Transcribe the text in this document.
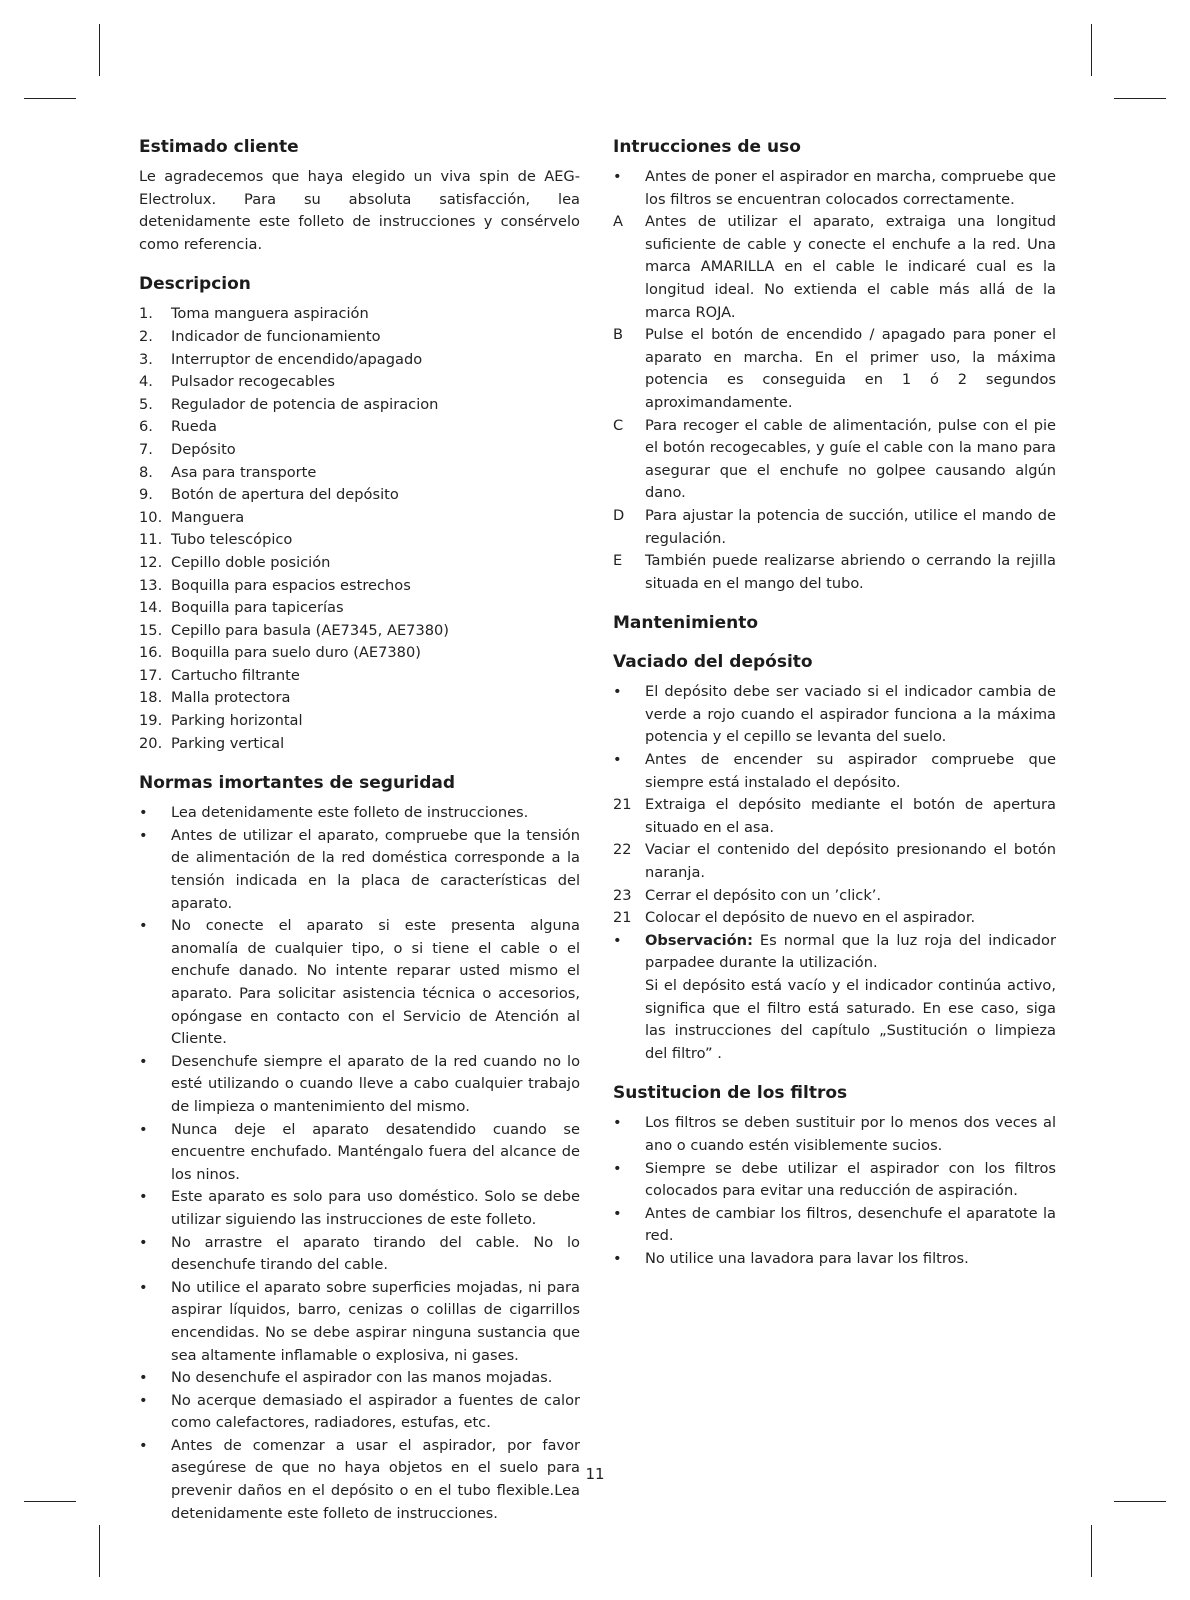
Estimado cliente

Le agradecemos que haya elegido un viva spin de AEG-Electrolux. Para su absoluta satisfacción, lea detenidamente este folleto de instrucciones y consérvelo como referencia.

Descripcion
1.	Toma manguera aspiración
2.	Indicador de funcionamiento
3.	Interruptor de encendido/apagado
4.	Pulsador recogecables
5.	Regulador de potencia de aspiracion
6.	Rueda
7.	Depósito
8.	Asa para transporte
9.	Botón de apertura del depósito
10. Manguera
11. Tubo telescópico
12. Cepillo doble posición
13. Boquilla para espacios estrechos
14. Boquilla para tapicerías
15. Cepillo para basula (AE7345, AE7380)
16. Boquilla para suelo duro (AE7380)
17. Cartucho filtrante
18. Malla protectora
19. Parking horizontal
20. Parking vertical
Normas imortantes de seguridad
•	Lea detenidamente este folleto de instrucciones.
•	Antes de utilizar el aparato, compruebe que la tensión de alimentación de la red doméstica corresponde a la tensión indicada en la placa de características del aparato.
•	No conecte el aparato si este presenta alguna anomalía de cualquier tipo, o si tiene el cable o el enchufe danado. No intente reparar usted mismo el aparato. Para solicitar asistencia técnica o accesorios, opóngase en contacto con el Servicio de Atención al Cliente.
•	Desenchufe siempre el aparato de la red cuando no lo esté utilizando o cuando lleve a cabo cualquier trabajo de limpieza o mantenimiento del mismo.
•	Nunca deje el aparato desatendido cuando se encuentre enchufado. Manténgalo fuera del alcance de los ninos.
•	Este aparato es solo para uso doméstico. Solo se debe utilizar siguiendo las instrucciones de este folleto.
•	No arrastre el aparato tirando del cable. No lo desenchufe tirando del cable.
•	No utilice el aparato sobre superficies mojadas, ni para aspirar líquidos, barro, cenizas o colillas de cigarrillos encendidas. No se debe aspirar ninguna sustancia que sea altamente inflamable o explosiva, ni gases.
•	No desenchufe el aspirador con las manos mojadas.
•	No acerque demasiado el aspirador a fuentes de calor como calefactores, radiadores, estufas, etc.
•	Antes de comenzar a usar el aspirador, por favor asegúrese de que no haya objetos en el suelo para prevenir daños en el depósito o en el tubo flexible.Lea detenidamente este folleto de instrucciones.
Intrucciones de uso
•	Antes de poner el aspirador en marcha, compruebe que los filtros se encuentran colocados correctamente.
A	Antes de utilizar el aparato, extraiga una longitud suficiente de cable y conecte el enchufe a la red. Una marca AMARILLA en el cable le indicaré cual es la longitud ideal. No extienda el cable más allá de la marca ROJA.
B	Pulse el botón de encendido / apagado para poner el aparato en marcha. En el primer uso, la máxima potencia es conseguida en 1 ó 2 segundos aproximandamente.
C	Para recoger el cable de alimentación, pulse con el pie el botón recogecables, y guíe el cable con la mano para asegurar que el enchufe no golpee causando algún dano.
D	Para ajustar la potencia de succión, utilice el mando de regulación.
E	También puede realizarse abriendo o cerrando la rejilla situada en el mango del tubo.
Mantenimiento
Vaciado del depósito
•	El depósito debe ser vaciado si el indicador cambia de verde a rojo cuando el aspirador funciona a la máxima potencia y el cepillo se levanta del suelo.
•	Antes de encender su aspirador compruebe que siempre está instalado el depósito.
21 Extraiga el depósito mediante el botón de apertura situado en el asa.
22 Vaciar el contenido del depósito presionando el botón naranja.
23 Cerrar el depósito con un ’click’.
21 Colocar el depósito de nuevo en el aspirador.
•	Observación: Es normal que la luz roja del indicador parpadee durante la utilización.
Si el depósito está vacío y el indicador continúa activo, significa que el filtro está saturado. En ese caso, siga las instrucciones del capítulo „Sustitución o limpieza del filtro” .
Sustitucion de los filtros
•	Los filtros se deben sustituir por lo menos dos veces al ano o cuando estén visiblemente sucios.
•	Siempre se debe utilizar el aspirador con los filtros colocados para evitar una reducción de aspiración.
•	Antes de cambiar los filtros, desenchufe el aparatote la red.
•	No utilice una lavadora para lavar los filtros.
11
